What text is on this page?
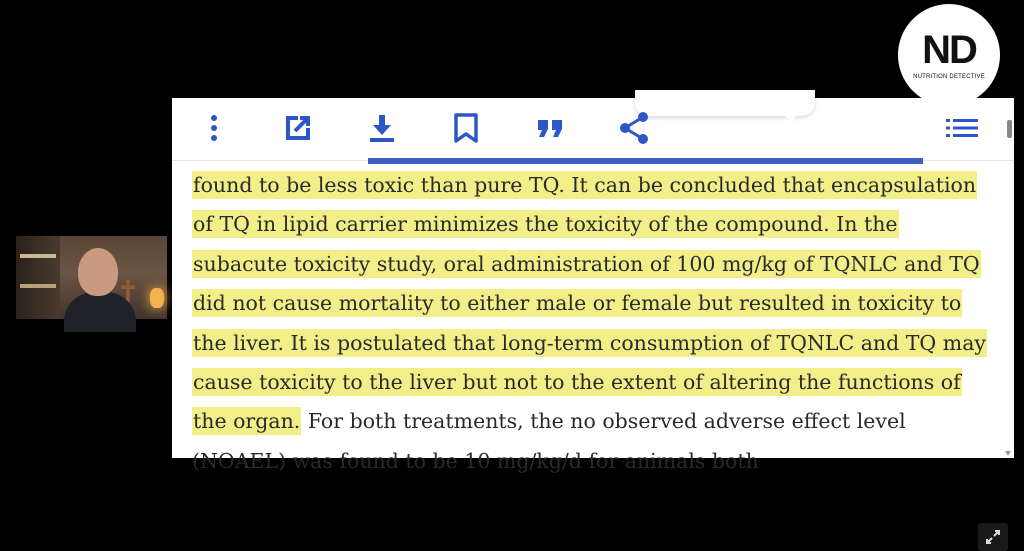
ND
NUTRITION DETECTIVE
found to be less toxic than pure TQ. It can be concluded that encapsulation
of TQ in lipid carrier minimizes the toxicity of the compound. In the
subacute toxicity study, oral administration of 100 mg/kg of TQNLC and TQ
did not cause mortality to either male or female but resulted in toxicity to
the liver. It is postulated that long-term consumption of TQNLC and TQ may
cause toxicity to the liver but not to the extent of altering the functions of
the organ. For both treatments, the no observed adverse effect level
(NOAEL) was found to be 10 mg/kg/d for animals both
